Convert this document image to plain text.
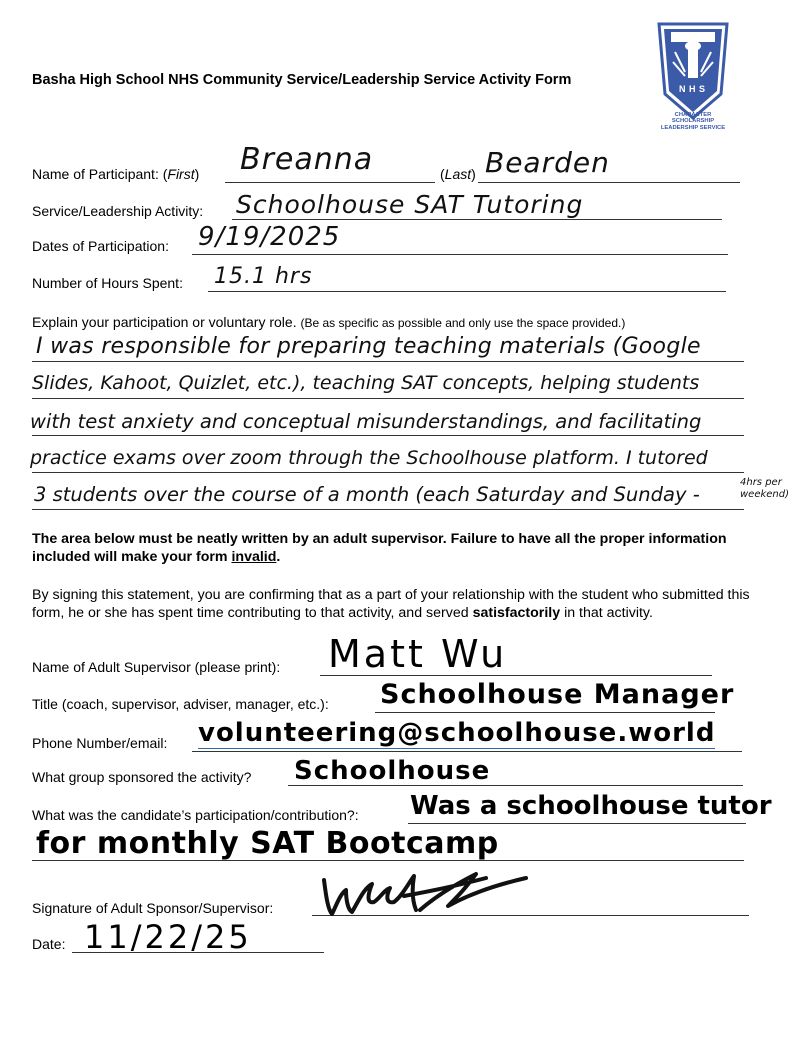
Basha High School NHS Community Service/Leadership Service Activity Form
N H S
CHARACTER SCHOLARSHIP LEADERSHIP SERVICE
Name of Participant: (First) Breanna	(Last) Bearden
Service/Leadership Activity: Schoolhouse SAT Tutoring
Dates of Participation: 9/19/2025
Number of Hours Spent: 15.1 hrs
Explain your participation or voluntary role. (Be as specific as possible and only use the space provided.)
I was responsible for preparing teaching materials (Google
Slides, Kahoot, Quizlet, etc.), teaching SAT concepts, helping students
with test anxiety and conceptual misunderstandings, and facilitating
practice exams over zoom through the Schoolhouse platform. I tutored
3 students over the course of a month (each Saturday and Sunday -
4hrs per
weekend)
The area below must be neatly written by an adult supervisor. Failure to have all the proper information included will make your form invalid.
By signing this statement, you are confirming that as a part of your relationship with the student who submitted this form, he or she has spent time contributing to that activity, and served satisfactorily in that activity.
Name of Adult Supervisor (please print): Matt Wu
Title (coach, supervisor, adviser, manager, etc.): Schoolhouse Manager
Phone Number/email: volunteering@schoolhouse.world
What group sponsored the activity? Schoolhouse
What was the candidate’s participation/contribution?: Was a schoolhouse tutor
for monthly SAT Bootcamp
Signature of Adult Sponsor/Supervisor:
Date: 11/22/25
